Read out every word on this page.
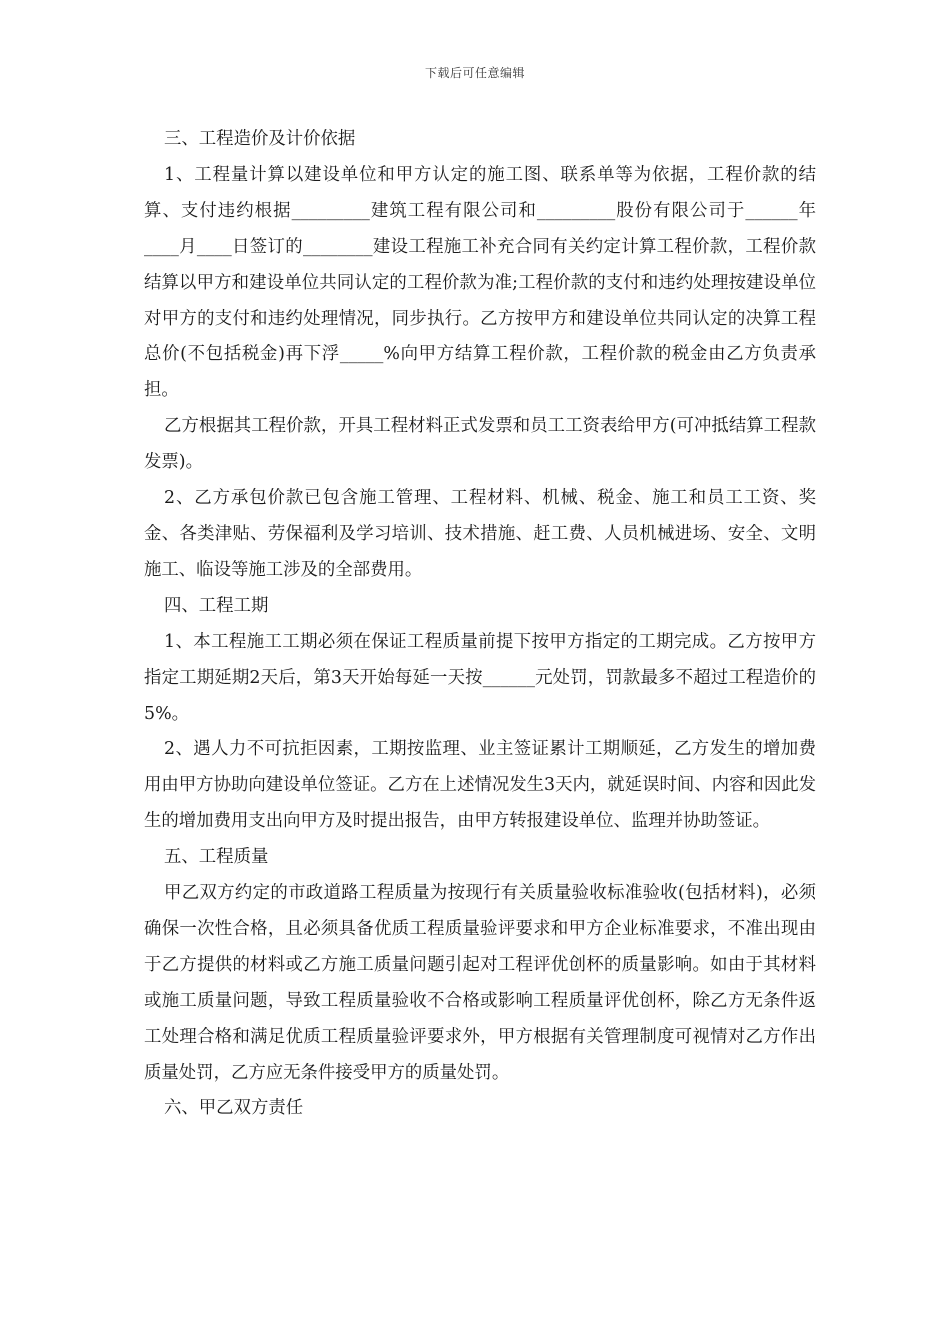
下载后可任意编辑

三、工程造价及计价依据

1、工程量计算以建设单位和甲方认定的施工图、联系单等为依据，工程价款的结算、支付违约根据_________建筑工程有限公司和_________股份有限公司于______年____月____日签订的________建设工程施工补充合同有关约定计算工程价款，工程价款结算以甲方和建设单位共同认定的工程价款为准;工程价款的支付和违约处理按建设单位对甲方的支付和违约处理情况，同步执行。乙方按甲方和建设单位共同认定的决算工程总价(不包括税金)再下浮_____%向甲方结算工程价款，工程价款的税金由乙方负责承担。

乙方根据其工程价款，开具工程材料正式发票和员工工资表给甲方(可冲抵结算工程款发票)。

2、乙方承包价款已包含施工管理、工程材料、机械、税金、施工和员工工资、奖金、各类津贴、劳保福利及学习培训、技术措施、赶工费、人员机械进场、安全、文明施工、临设等施工涉及的全部费用。

四、工程工期

1、本工程施工工期必须在保证工程质量前提下按甲方指定的工期完成。乙方按甲方指定工期延期2天后，第3天开始每延一天按______元处罚，罚款最多不超过工程造价的5%。

2、遇人力不可抗拒因素，工期按监理、业主签证累计工期顺延，乙方发生的增加费用由甲方协助向建设单位签证。乙方在上述情况发生3天内，就延误时间、内容和因此发生的增加费用支出向甲方及时提出报告，由甲方转报建设单位、监理并协助签证。

五、工程质量

甲乙双方约定的市政道路工程质量为按现行有关质量验收标准验收(包括材料)，必须确保一次性合格，且必须具备优质工程质量验评要求和甲方企业标准要求，不准出现由于乙方提供的材料或乙方施工质量问题引起对工程评优创杯的质量影响。如由于其材料或施工质量问题，导致工程质量验收不合格或影响工程质量评优创杯，除乙方无条件返工处理合格和满足优质工程质量验评要求外，甲方根据有关管理制度可视情对乙方作出质量处罚，乙方应无条件接受甲方的质量处罚。

六、甲乙双方责任
